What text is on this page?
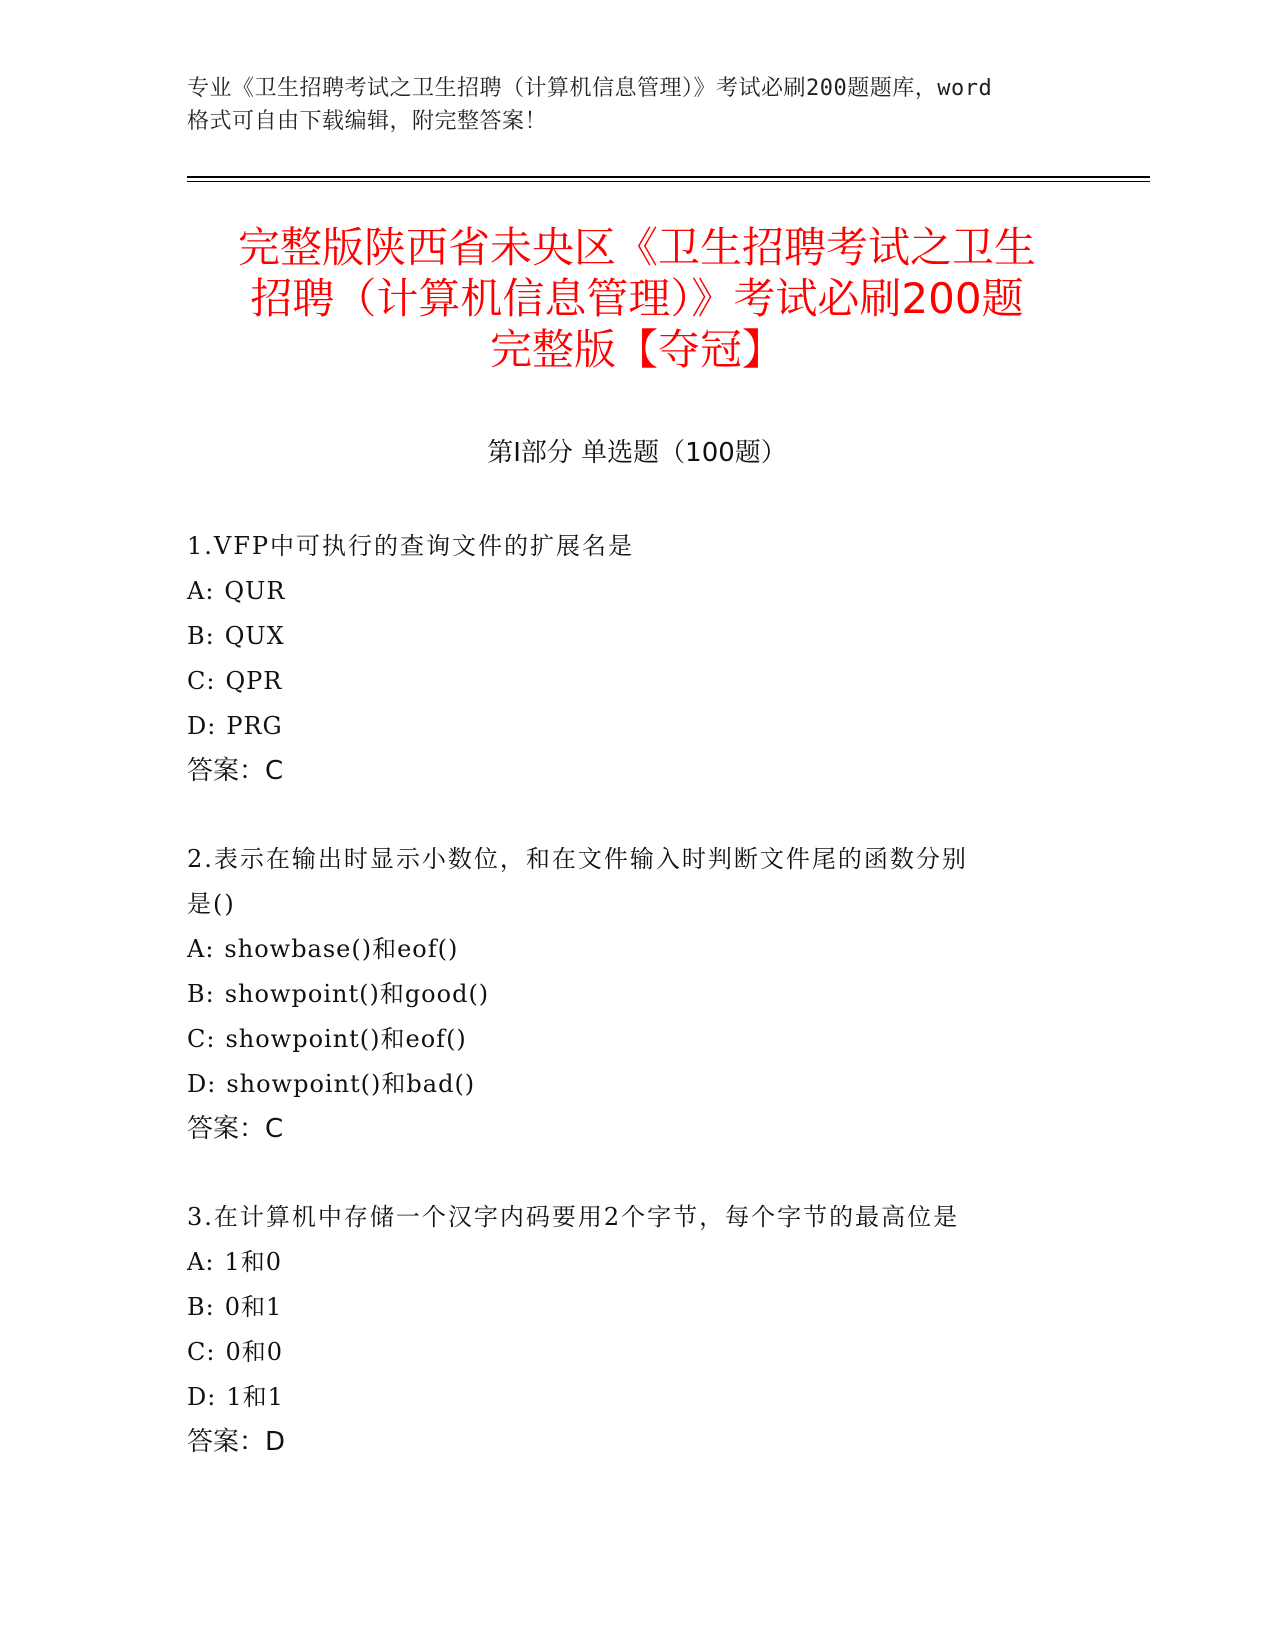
专业《卫生招聘考试之卫生招聘（计算机信息管理）》考试必刷200题题库，word
格式可自由下载编辑，附完整答案！
完整版陕西省未央区《卫生招聘考试之卫生
招聘（计算机信息管理）》考试必刷200题
完整版【夺冠】
第Ⅰ部分 单选题（100题）

1.VFP中可执行的查询文件的扩展名是

A: QUR

B: QUX

C: QPR

D: PRG

答案：C

2.表示在输出时显示小数位，和在文件输入时判断文件尾的函数分别

是()

A: showbase()和eof()

B: showpoint()和good()

C: showpoint()和eof()

D: showpoint()和bad()

答案：C

3.在计算机中存储一个汉字内码要用2个字节，每个字节的最高位是

A: 1和0

B: 0和1

C: 0和0

D: 1和1

答案：D
